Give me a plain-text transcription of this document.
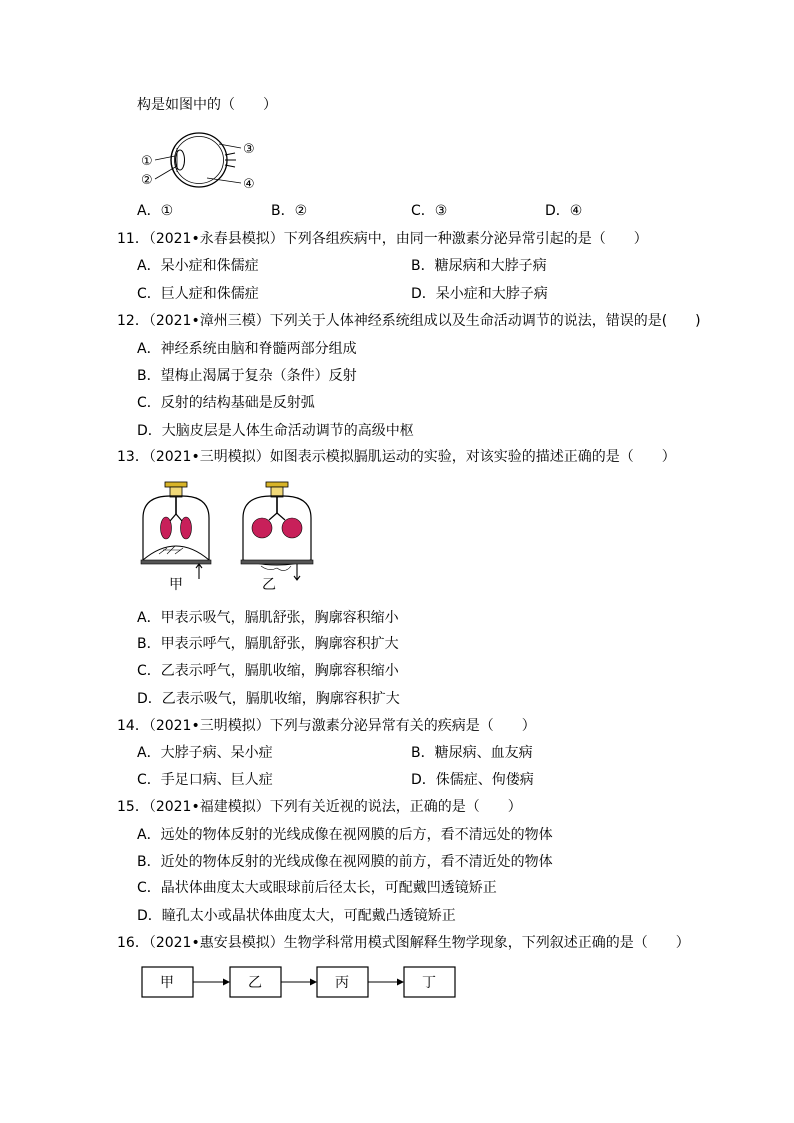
构是如图中的（　　）
①
②
③
④
A．①	B．②	C．③	D．④
11．（2021•永春县模拟）下列各组疾病中，由同一种激素分泌异常引起的是（　　）
A．呆小症和侏儒症	B．糖尿病和大脖子病
C．巨人症和侏儒症	D．呆小症和大脖子病
12．（2021•漳州三模）下列关于人体神经系统组成以及生命活动调节的说法，错误的是(　　)
A．神经系统由脑和脊髓两部分组成
B．望梅止渴属于复杂（条件）反射
C．反射的结构基础是反射弧
D．大脑皮层是人体生命活动调节的高级中枢
13．（2021•三明模拟）如图表示模拟膈肌运动的实验，对该实验的描述正确的是（　　）
甲	乙
A．甲表示吸气，膈肌舒张，胸廓容积缩小
B．甲表示呼气，膈肌舒张，胸廓容积扩大
C．乙表示呼气，膈肌收缩，胸廓容积缩小
D．乙表示吸气，膈肌收缩，胸廓容积扩大
14．（2021•三明模拟）下列与激素分泌异常有关的疾病是（　　）
A．大脖子病、呆小症	B．糖尿病、血友病
C．手足口病、巨人症	D．侏儒症、佝偻病
15．（2021•福建模拟）下列有关近视的说法，正确的是（　　）
A．远处的物体反射的光线成像在视网膜的后方，看不清远处的物体
B．近处的物体反射的光线成像在视网膜的前方，看不清近处的物体
C．晶状体曲度太大或眼球前后径太长，可配戴凹透镜矫正
D．瞳孔太小或晶状体曲度太大，可配戴凸透镜矫正
16．（2021•惠安县模拟）生物学科常用模式图解释生物学现象，下列叙述正确的是（　　）
甲	乙	丙	丁
